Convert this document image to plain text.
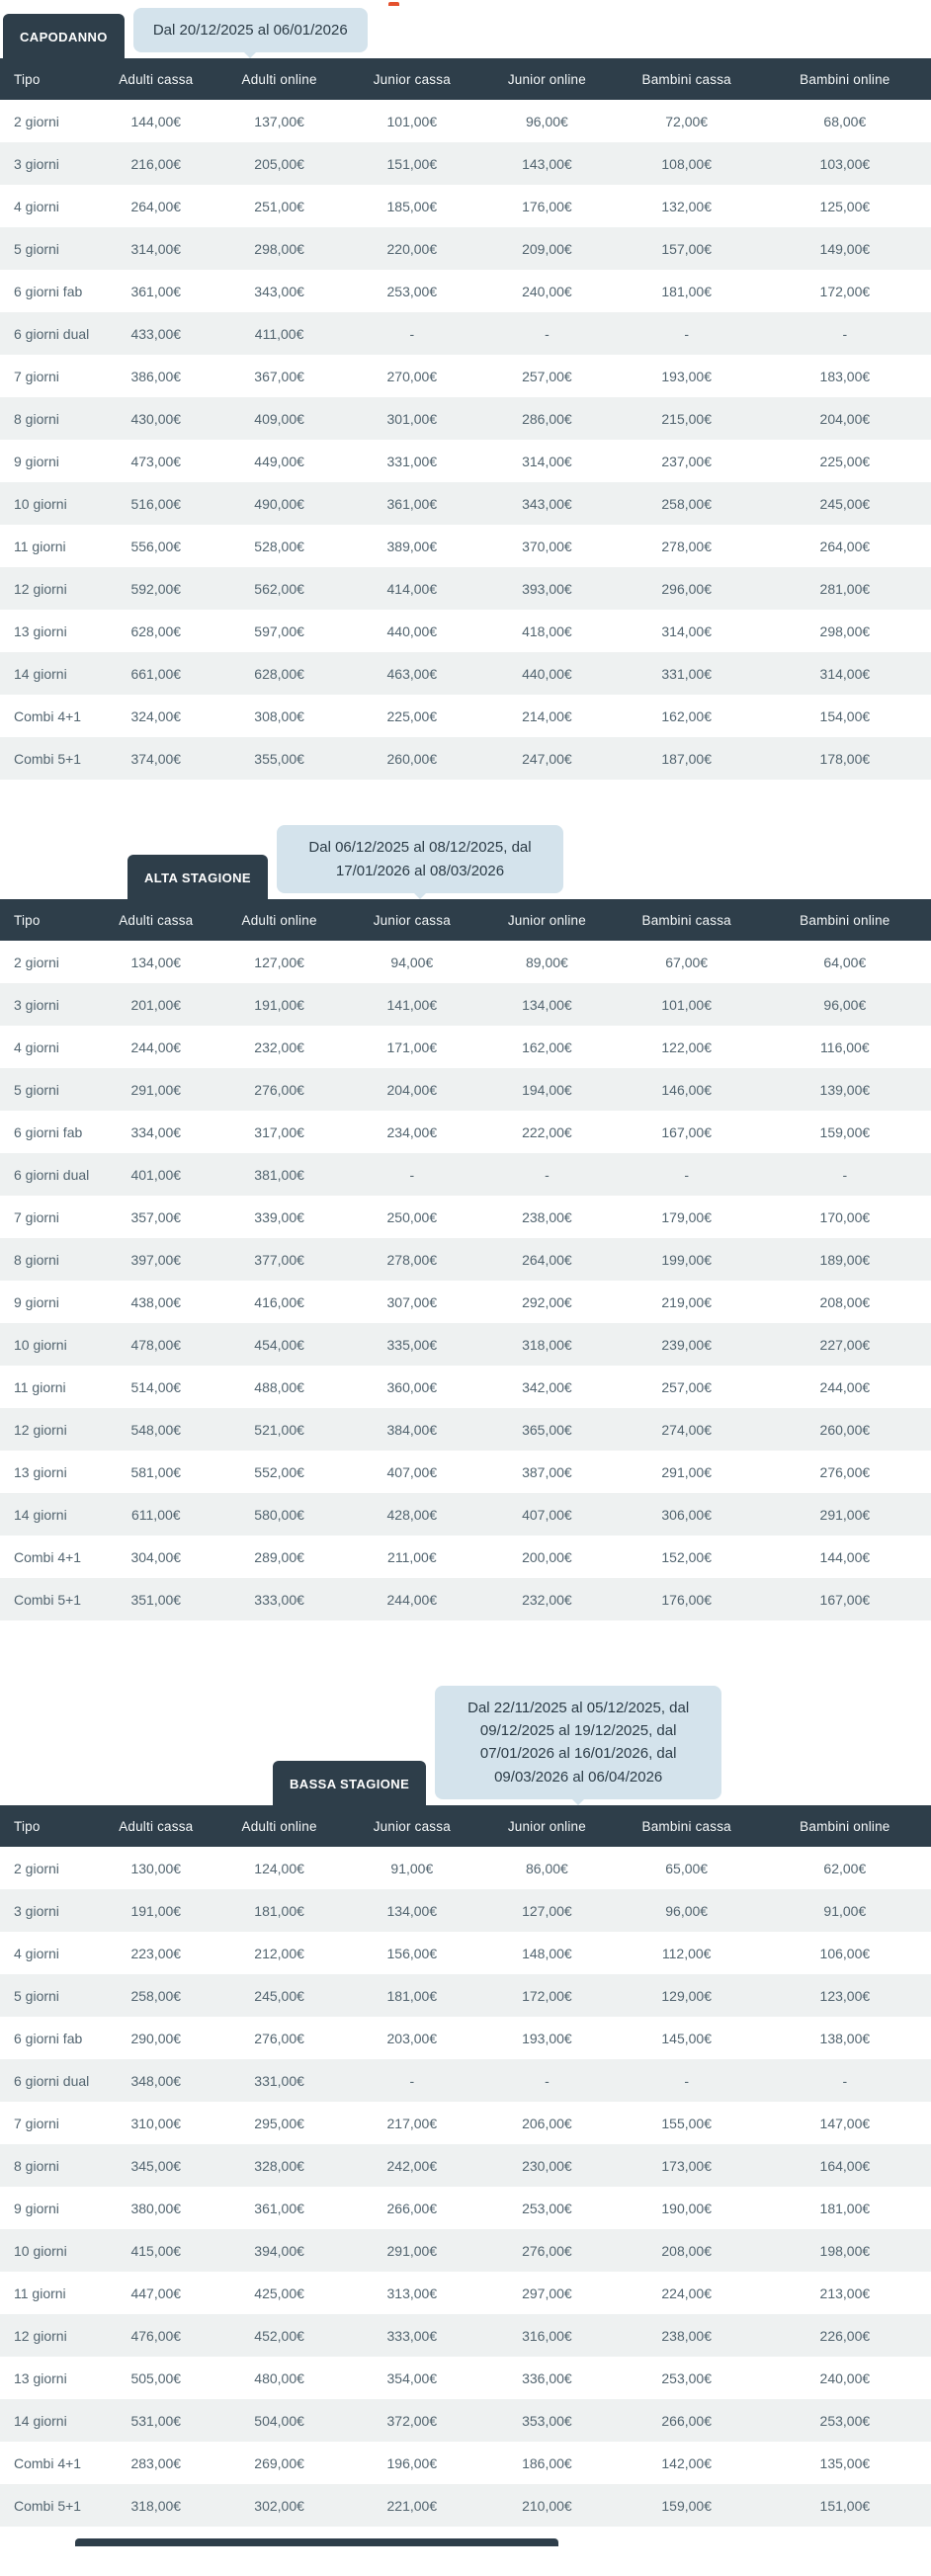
CAPODANNO	Dal 20/12/2025 al 06/01/2026
Tipo	Adulti cassa	Adulti online	Junior cassa	Junior online	Bambini cassa	Bambini online
2 giorni	144,00€	137,00€	101,00€	96,00€	72,00€	68,00€
3 giorni	216,00€	205,00€	151,00€	143,00€	108,00€	103,00€
4 giorni	264,00€	251,00€	185,00€	176,00€	132,00€	125,00€
5 giorni	314,00€	298,00€	220,00€	209,00€	157,00€	149,00€
6 giorni fab	361,00€	343,00€	253,00€	240,00€	181,00€	172,00€
6 giorni dual	433,00€	411,00€	-	-	-	-
7 giorni	386,00€	367,00€	270,00€	257,00€	193,00€	183,00€
8 giorni	430,00€	409,00€	301,00€	286,00€	215,00€	204,00€
9 giorni	473,00€	449,00€	331,00€	314,00€	237,00€	225,00€
10 giorni	516,00€	490,00€	361,00€	343,00€	258,00€	245,00€
11 giorni	556,00€	528,00€	389,00€	370,00€	278,00€	264,00€
12 giorni	592,00€	562,00€	414,00€	393,00€	296,00€	281,00€
13 giorni	628,00€	597,00€	440,00€	418,00€	314,00€	298,00€
14 giorni	661,00€	628,00€	463,00€	440,00€	331,00€	314,00€
Combi 4+1	324,00€	308,00€	225,00€	214,00€	162,00€	154,00€
Combi 5+1	374,00€	355,00€	260,00€	247,00€	187,00€	178,00€
ALTA STAGIONE
Dal 06/12/2025 al 08/12/2025, dal 17/01/2026 al 08/03/2026
Tipo	Adulti cassa	Adulti online	Junior cassa	Junior online	Bambini cassa	Bambini online
2 giorni	134,00€	127,00€	94,00€	89,00€	67,00€	64,00€
3 giorni	201,00€	191,00€	141,00€	134,00€	101,00€	96,00€
4 giorni	244,00€	232,00€	171,00€	162,00€	122,00€	116,00€
5 giorni	291,00€	276,00€	204,00€	194,00€	146,00€	139,00€
6 giorni fab	334,00€	317,00€	234,00€	222,00€	167,00€	159,00€
6 giorni dual	401,00€	381,00€	-	-	-	-
7 giorni	357,00€	339,00€	250,00€	238,00€	179,00€	170,00€
8 giorni	397,00€	377,00€	278,00€	264,00€	199,00€	189,00€
9 giorni	438,00€	416,00€	307,00€	292,00€	219,00€	208,00€
10 giorni	478,00€	454,00€	335,00€	318,00€	239,00€	227,00€
11 giorni	514,00€	488,00€	360,00€	342,00€	257,00€	244,00€
12 giorni	548,00€	521,00€	384,00€	365,00€	274,00€	260,00€
13 giorni	581,00€	552,00€	407,00€	387,00€	291,00€	276,00€
14 giorni	611,00€	580,00€	428,00€	407,00€	306,00€	291,00€
Combi 4+1	304,00€	289,00€	211,00€	200,00€	152,00€	144,00€
Combi 5+1	351,00€	333,00€	244,00€	232,00€	176,00€	167,00€
BASSA STAGIONE
Dal 22/11/2025 al 05/12/2025, dal 09/12/2025 al 19/12/2025, dal 07/01/2026 al 16/01/2026, dal 09/03/2026 al 06/04/2026
Tipo	Adulti cassa	Adulti online	Junior cassa	Junior online	Bambini cassa	Bambini online
2 giorni	130,00€	124,00€	91,00€	86,00€	65,00€	62,00€
3 giorni	191,00€	181,00€	134,00€	127,00€	96,00€	91,00€
4 giorni	223,00€	212,00€	156,00€	148,00€	112,00€	106,00€
5 giorni	258,00€	245,00€	181,00€	172,00€	129,00€	123,00€
6 giorni fab	290,00€	276,00€	203,00€	193,00€	145,00€	138,00€
6 giorni dual	348,00€	331,00€	-	-	-	-
7 giorni	310,00€	295,00€	217,00€	206,00€	155,00€	147,00€
8 giorni	345,00€	328,00€	242,00€	230,00€	173,00€	164,00€
9 giorni	380,00€	361,00€	266,00€	253,00€	190,00€	181,00€
10 giorni	415,00€	394,00€	291,00€	276,00€	208,00€	198,00€
11 giorni	447,00€	425,00€	313,00€	297,00€	224,00€	213,00€
12 giorni	476,00€	452,00€	333,00€	316,00€	238,00€	226,00€
13 giorni	505,00€	480,00€	354,00€	336,00€	253,00€	240,00€
14 giorni	531,00€	504,00€	372,00€	353,00€	266,00€	253,00€
Combi 4+1	283,00€	269,00€	196,00€	186,00€	142,00€	135,00€
Combi 5+1	318,00€	302,00€	221,00€	210,00€	159,00€	151,00€
